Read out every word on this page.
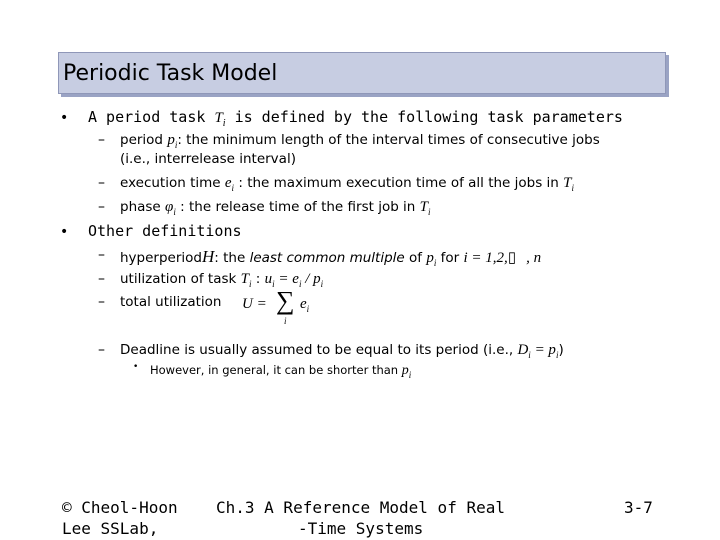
Periodic Task Model
• A period task $T_i$ is defined by the following task parameters
– period $p_i$: the minimum length of the interval times of consecutive jobs
(i.e., interrelease interval)
– execution time $e_i$ : the maximum execution time of all the jobs in $T_i$
– phase $\varphi_i$ : the release time of the first job in $T_i$
• Other definitions
– hyperperiodH: the least common multiple of $p_i$ for i = 1,2,▯ , n
– utilization of task $T_i$ : $u_i = e_i / p_i$
– total utilization U = ∑
i
$e_i$
– Deadline is usually assumed to be equal to its period (i.e., $D_i = p_i$)
• However, in general, it can be shorter than $p_i$
© Cheol-Hoon
Lee SSLab,
Ch.3 A Reference Model of Real
-Time Systems
3-7
